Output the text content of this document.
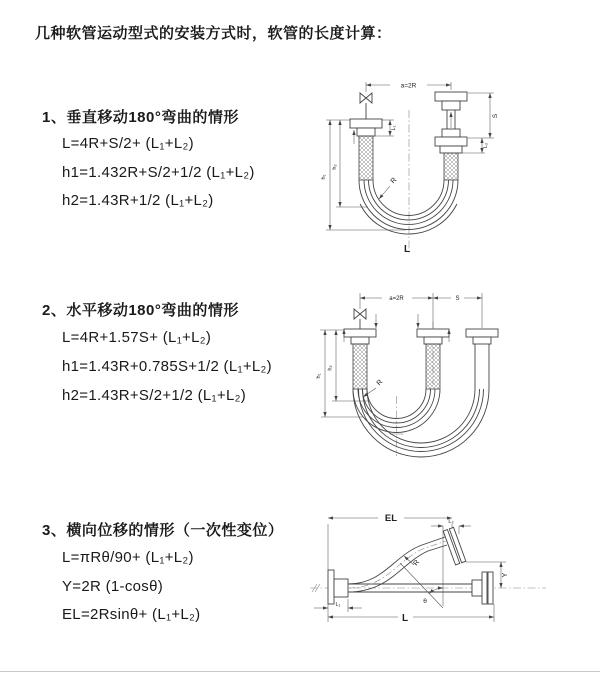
几种软管运动型式的安装方式时，软管的长度计算：
1、垂直移动180°弯曲的情形
L=4R+S/2+ (L₁+L₂)
h1=1.432R+S/2+1/2 (L₁+L₂)
h2=1.43R+1/2 (L₁+L₂)
2、水平移动180°弯曲的情形
L=4R+1.57S+ (L₁+L₂)
h1=1.43R+0.785S+1/2 (L₁+L₂)
h2=1.43R+S/2+1/2 (L₁+L₂)
3、横向位移的情形（一次性变位）
L=πRθ/90+ (L₁+L₂)
Y=2R (1-cosθ)
EL=2Rsinθ+ (L₁+L₂)
a=2R
S
L₂
L₁
h₁
h₂
R
L
a=2R	S
h₁
h₂
R
EL	L₂
Y
R
θ
L₁
L
